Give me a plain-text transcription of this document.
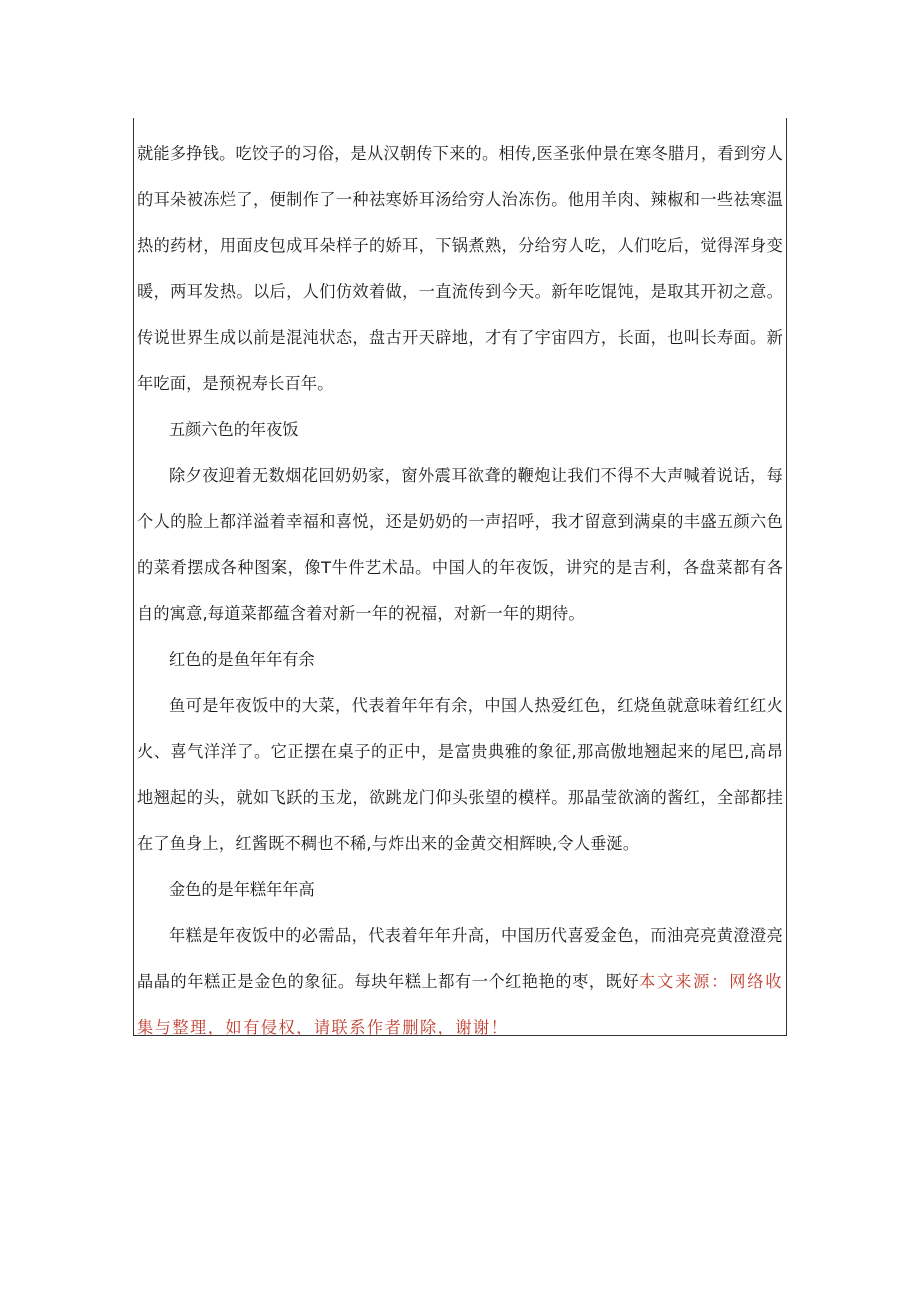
就能多挣钱。吃饺子的习俗，是从汉朝传下来的。相传,医圣张仲景在寒冬腊月，看到穷人的耳朵被冻烂了，便制作了一种祛寒娇耳汤给穷人治冻伤。他用羊肉、辣椒和一些祛寒温热的药材，用面皮包成耳朵样子的娇耳，下锅煮熟，分给穷人吃，人们吃后，觉得浑身变暖，两耳发热。以后，人们仿效着做，一直流传到今天。新年吃馄饨，是取其开初之意。传说世界生成以前是混沌状态，盘古开天辟地，才有了宇宙四方，长面，也叫长寿面。新年吃面，是预祝寿长百年。

五颜六色的年夜饭

除夕夜迎着无数烟花回奶奶家，窗外震耳欲聋的鞭炮让我们不得不大声喊着说话，每个人的脸上都洋溢着幸福和喜悦，还是奶奶的一声招呼，我才留意到满桌的丰盛五颜六色的菜肴摆成各种图案，像T牛件艺术品。中国人的年夜饭，讲究的是吉利，各盘菜都有各自的寓意,每道菜都蕴含着对新一年的祝福，对新一年的期待。

红色的是鱼年年有余

鱼可是年夜饭中的大菜，代表着年年有余，中国人热爱红色，红烧鱼就意味着红红火火、喜气洋洋了。它正摆在桌子的正中，是富贵典雅的象征,那高傲地翘起来的尾巴,高昂地翘起的头，就如飞跃的玉龙，欲跳龙门仰头张望的模样。那晶莹欲滴的酱红，全部都挂在了鱼身上，红酱既不稠也不稀,与炸出来的金黄交相辉映,令人垂涎。

金色的是年糕年年高

年糕是年夜饭中的必需品，代表着年年升高，中国历代喜爱金色，而油亮亮黄澄澄亮晶晶的年糕正是金色的象征。每块年糕上都有一个红艳艳的枣，既好本文来源：网络收集与整理，如有侵权，请联系作者删除，谢谢！
